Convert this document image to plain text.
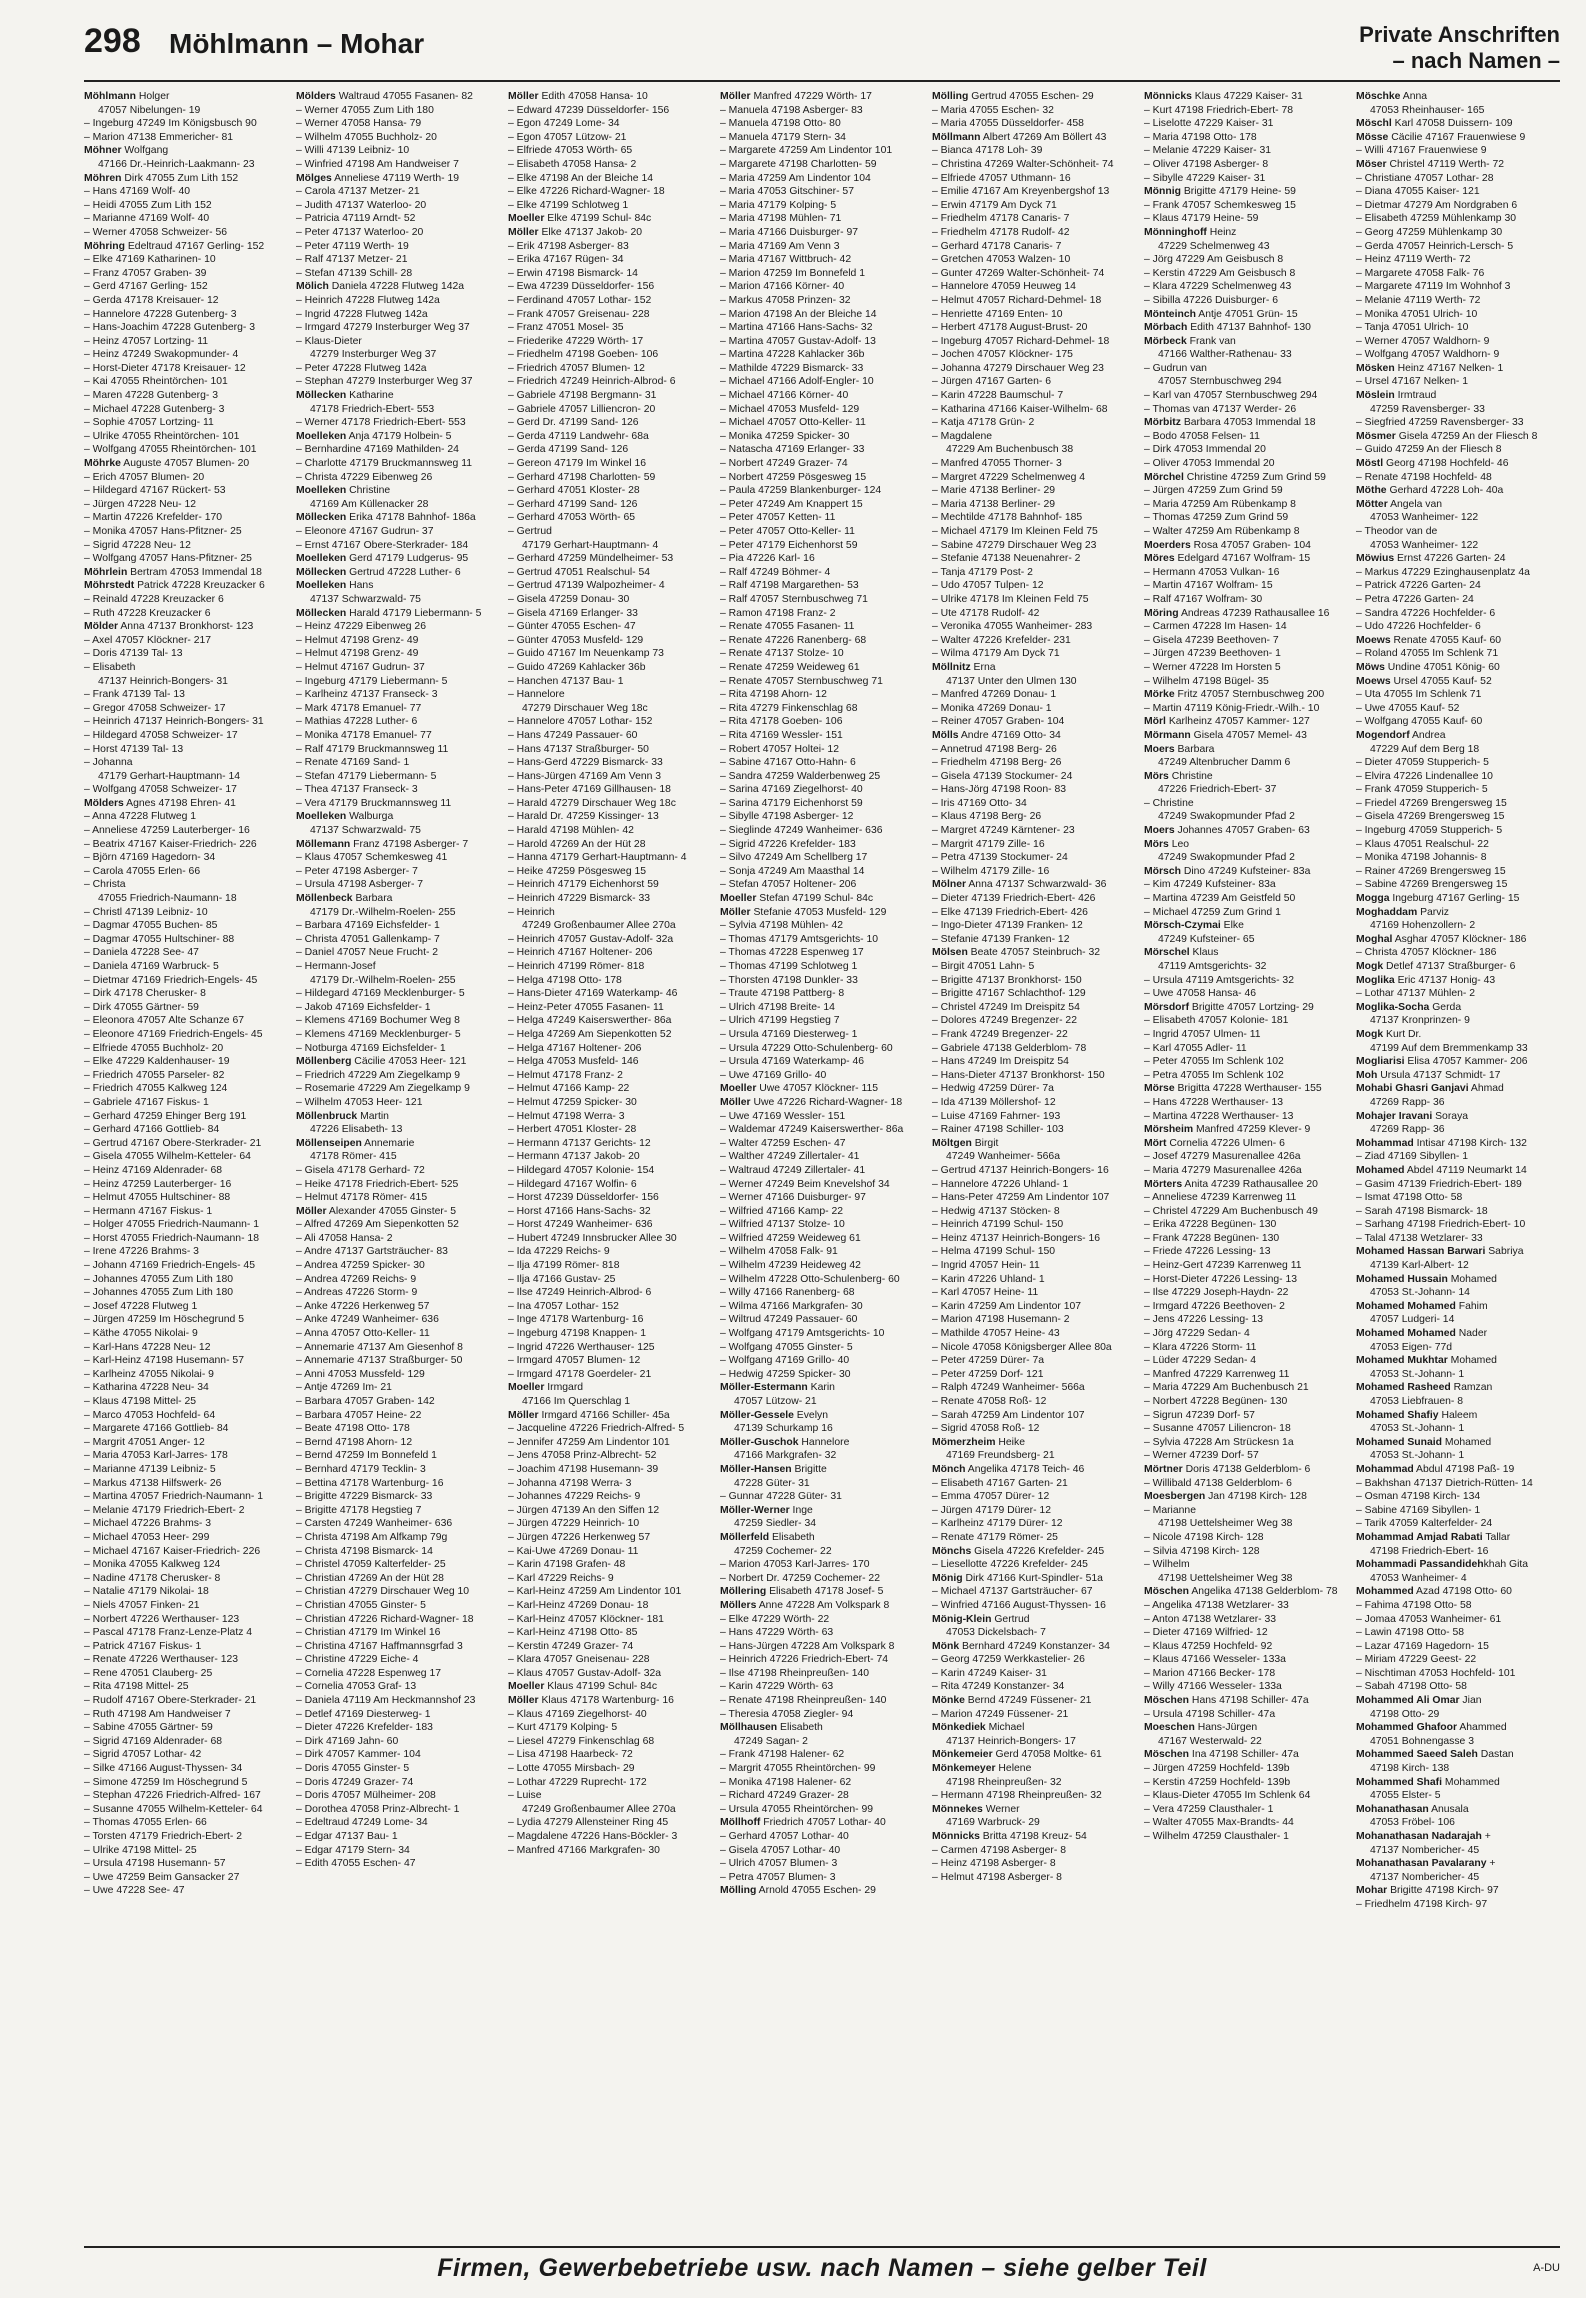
298 Möhlmann – Mohar	Private Anschriften
– nach Namen –
Möhlmann Holger
47057 Nibelungen- 19
– Ingeburg 47249 Im Königsbusch 90
– Marion 47138 Emmericher- 81
Möhner Wolfgang
47166 Dr.-Heinrich-Laakmann- 23
Möhren Dirk 47055 Zum Lith 152
– Hans 47169 Wolf- 40
– Heidi 47055 Zum Lith 152
– Marianne 47169 Wolf- 40
– Werner 47058 Schweizer- 56
Möhring Edeltraud 47167 Gerling- 152
– Elke 47169 Katharinen- 10
– Franz 47057 Graben- 39
– Gerd 47167 Gerling- 152
– Gerda 47178 Kreisauer- 12
– Hannelore 47228 Gutenberg- 3
– Hans-Joachim 47228 Gutenberg- 3
– Heinz 47057 Lortzing- 11
– Heinz 47249 Swakopmunder- 4
– Horst-Dieter 47178 Kreisauer- 12
– Kai 47055 Rheintörchen- 101
– Maren 47228 Gutenberg- 3
– Michael 47228 Gutenberg- 3
– Sophie 47057 Lortzing- 11
– Ulrike 47055 Rheintörchen- 101
– Wolfgang 47055 Rheintörchen- 101
Möhrke Auguste 47057 Blumen- 20
– Erich 47057 Blumen- 20
– Hildegard 47167 Rückert- 53
– Jürgen 47228 Neu- 12
– Martin 47226 Krefelder- 170
– Monika 47057 Hans-Pfitzner- 25
– Sigrid 47228 Neu- 12
– Wolfgang 47057 Hans-Pfitzner- 25
Möhrlein Bertram 47053 Immendal 18
Möhrstedt Patrick 47228 Kreuzacker 6
– Reinald 47228 Kreuzacker 6
– Ruth 47228 Kreuzacker 6
Mölder Anna 47137 Bronkhorst- 123
– Axel 47057 Klöckner- 217
– Doris 47139 Tal- 13
– Elisabeth
47137 Heinrich-Bongers- 31
– Frank 47139 Tal- 13
– Gregor 47058 Schweizer- 17
– Heinrich 47137 Heinrich-Bongers- 31
– Hildegard 47058 Schweizer- 17
– Horst 47139 Tal- 13
– Johanna
47179 Gerhart-Hauptmann- 14
– Wolfgang 47058 Schweizer- 17
Mölders Agnes 47198 Ehren- 41
– Anna 47228 Flutweg 1
– Anneliese 47259 Lauterberger- 16
– Beatrix 47167 Kaiser-Friedrich- 226
– Björn 47169 Hagedorn- 34
– Carola 47055 Erlen- 66
– Christa
47055 Friedrich-Naumann- 18
– Christl 47139 Leibniz- 10
– Dagmar 47055 Buchen- 85
– Dagmar 47055 Hultschiner- 88
– Daniela 47228 See- 47
– Daniela 47169 Warbruck- 5
– Dietmar 47169 Friedrich-Engels- 45
– Dirk 47178 Cherusker- 8
– Dirk 47055 Gärtner- 59
– Eleonora 47057 Alte Schanze 67
– Eleonore 47169 Friedrich-Engels- 45
– Elfriede 47055 Buchholz- 20
– Elke 47229 Kaldenhauser- 19
– Friedrich 47055 Parseler- 82
– Friedrich 47055 Kalkweg 124
– Gabriele 47167 Fiskus- 1
– Gerhard 47259 Ehinger Berg 191
– Gerhard 47166 Gottlieb- 84
– Gertrud 47167 Obere-Sterkrader- 21
– Gisela 47055 Wilhelm-Ketteler- 64
– Heinz 47169 Aldenrader- 68
– Heinz 47259 Lauterberger- 16
– Helmut 47055 Hultschiner- 88
– Hermann 47167 Fiskus- 1
– Holger 47055 Friedrich-Naumann- 1
– Horst 47055 Friedrich-Naumann- 18
– Irene 47226 Brahms- 3
– Johann 47169 Friedrich-Engels- 45
– Johannes 47055 Zum Lith 180
– Johannes 47055 Zum Lith 180
– Josef 47228 Flutweg 1
– Jürgen 47259 Im Höschegrund 5
– Käthe 47055 Nikolai- 9
– Karl-Hans 47228 Neu- 12
– Karl-Heinz 47198 Husemann- 57
– Karlheinz 47055 Nikolai- 9
– Katharina 47228 Neu- 34
– Klaus 47198 Mittel- 25
– Marco 47053 Hochfeld- 64
– Margarete 47166 Gottlieb- 84
– Margrit 47051 Anger- 12
– Maria 47053 Karl-Jarres- 178
– Marianne 47139 Leibniz- 5
– Markus 47138 Hilfswerk- 26
– Martina 47057 Friedrich-Naumann- 1
– Melanie 47179 Friedrich-Ebert- 2
– Michael 47226 Brahms- 3
– Michael 47053 Heer- 299
– Michael 47167 Kaiser-Friedrich- 226
– Monika 47055 Kalkweg 124
– Nadine 47178 Cherusker- 8
– Natalie 47179 Nikolai- 18
– Niels 47057 Finken- 21
– Norbert 47226 Werthauser- 123
– Pascal 47178 Franz-Lenze-Platz 4
– Patrick 47167 Fiskus- 1
– Renate 47226 Werthauser- 123
– Rene 47051 Clauberg- 25
– Rita 47198 Mittel- 25
– Rudolf 47167 Obere-Sterkrader- 21
– Ruth 47198 Am Handweiser 7
– Sabine 47055 Gärtner- 59
– Sigrid 47169 Aldenrader- 68
– Sigrid 47057 Lothar- 42
– Silke 47166 August-Thyssen- 34
– Simone 47259 Im Höschegrund 5
– Stephan 47226 Friedrich-Alfred- 167
– Susanne 47055 Wilhelm-Ketteler- 64
– Thomas 47055 Erlen- 66
– Torsten 47179 Friedrich-Ebert- 2
– Ulrike 47198 Mittel- 25
– Ursula 47198 Husemann- 57
– Uwe 47259 Beim Gansacker 27
– Uwe 47228 See- 47
Mölders Waltraud 47055 Fasanen- 82
– Werner 47055 Zum Lith 180
– Werner 47058 Hansa- 79
– Wilhelm 47055 Buchholz- 20
– Willi 47139 Leibniz- 10
– Winfried 47198 Am Handweiser 7
Mölges Anneliese 47119 Werth- 19
– Carola 47137 Metzer- 21
– Judith 47137 Waterloo- 20
– Patricia 47119 Arndt- 52
– Peter 47137 Waterloo- 20
– Peter 47119 Werth- 19
– Ralf 47137 Metzer- 21
– Stefan 47139 Schill- 28
Mölich Daniela 47228 Flutweg 142a
– Heinrich 47228 Flutweg 142a
– Ingrid 47228 Flutweg 142a
– Irmgard 47279 Insterburger Weg 37
– Klaus-Dieter
47279 Insterburger Weg 37
– Peter 47228 Flutweg 142a
– Stephan 47279 Insterburger Weg 37
Möllecken Katharine
47178 Friedrich-Ebert- 553
– Werner 47178 Friedrich-Ebert- 553
Moelleken Anja 47179 Holbein- 5
– Bernhardine 47169 Mathilden- 24
– Charlotte 47179 Bruckmannsweg 11
– Christa 47229 Eibenweg 26
Moelleken Christine
47169 Am Küllenacker 28
Möllecken Erika 47178 Bahnhof- 186a
– Eleonore 47167 Gudrun- 37
– Ernst 47167 Obere-Sterkrader- 184
Moelleken Gerd 47179 Ludgerus- 95
Möllecken Gertrud 47228 Luther- 6
Moelleken Hans
47137 Schwarzwald- 75
Möllecken Harald 47179 Liebermann- 5
– Heinz 47229 Eibenweg 26
– Helmut 47198 Grenz- 49
– Helmut 47198 Grenz- 49
– Helmut 47167 Gudrun- 37
– Ingeburg 47179 Liebermann- 5
– Karlheinz 47137 Franseck- 3
– Mark 47178 Emanuel- 77
– Mathias 47228 Luther- 6
– Monika 47178 Emanuel- 77
– Ralf 47179 Bruckmannsweg 11
– Renate 47169 Sand- 1
– Stefan 47179 Liebermann- 5
– Thea 47137 Franseck- 3
– Vera 47179 Bruckmannsweg 11
Moelleken Walburga
47137 Schwarzwald- 75
Möllemann Franz 47198 Asberger- 7
– Klaus 47057 Schemkesweg 41
– Peter 47198 Asberger- 7
– Ursula 47198 Asberger- 7
Möllenbeck Barbara
47179 Dr.-Wilhelm-Roelen- 255
– Barbara 47169 Eichsfelder- 1
– Christa 47051 Gallenkamp- 7
– Daniel 47057 Neue Frucht- 2
– Hermann-Josef
47179 Dr.-Wilhelm-Roelen- 255
– Hildegard 47169 Mecklenburger- 5
– Jakob 47169 Eichsfelder- 1
– Klemens 47169 Bochumer Weg 8
– Klemens 47169 Mecklenburger- 5
– Notburga 47169 Eichsfelder- 1
Möllenberg Cäcilie 47053 Heer- 121
– Friedrich 47229 Am Ziegelkamp 9
– Rosemarie 47229 Am Ziegelkamp 9
– Wilhelm 47053 Heer- 121
Möllenbruck Martin
47226 Elisabeth- 13
Möllenseipen Annemarie
47178 Römer- 415
– Gisela 47178 Gerhard- 72
– Heike 47178 Friedrich-Ebert- 525
– Helmut 47178 Römer- 415
Möller Alexander 47055 Ginster- 5
– Alfred 47269 Am Siepenkotten 52
– Ali 47058 Hansa- 2
– Andre 47137 Gartsträucher- 83
– Andrea 47259 Spicker- 30
– Andrea 47269 Reichs- 9
– Andreas 47226 Storm- 9
– Anke 47226 Herkenweg 57
– Anke 47249 Wanheimer- 636
– Anna 47057 Otto-Keller- 11
– Annemarie 47137 Am Giesenhof 8
– Annemarie 47137 Straßburger- 50
– Anni 47053 Mussfeld- 129
– Antje 47269 Im- 21
– Barbara 47057 Graben- 142
– Barbara 47057 Heine- 22
– Beate 47198 Otto- 178
– Bernd 47198 Ahorn- 12
– Bernd 47259 Im Bonnefeld 1
– Bernhard 47179 Tecklin- 3
– Bettina 47178 Wartenburg- 16
– Brigitte 47229 Bismarck- 33
– Brigitte 47178 Hegstieg 7
– Carsten 47249 Wanheimer- 636
– Christa 47198 Am Alfkamp 79g
– Christa 47198 Bismarck- 14
– Christel 47059 Kalterfelder- 25
– Christian 47269 An der Hüt 28
– Christian 47279 Dirschauer Weg 10
– Christian 47055 Ginster- 5
– Christian 47226 Richard-Wagner- 18
– Christian 47179 Im Winkel 16
– Christina 47167 Haffmannsgrfad 3
– Christine 47229 Eiche- 4
– Cornelia 47228 Espenweg 17
– Cornelia 47053 Graf- 13
– Daniela 47119 Am Heckmannshof 23
– Detlef 47169 Diesterweg- 1
– Dieter 47226 Krefelder- 183
– Dirk 47169 Jahn- 60
– Dirk 47057 Kammer- 104
– Doris 47055 Ginster- 5
– Doris 47249 Grazer- 74
– Doris 47057 Mülheimer- 208
– Dorothea 47058 Prinz-Albrecht- 1
– Edeltraud 47249 Lome- 34
– Edgar 47137 Bau- 1
– Edgar 47179 Stern- 34
– Edith 47055 Eschen- 47
Möller Edith 47058 Hansa- 10
– Edward 47239 Düsseldorfer- 156
– Egon 47249 Lome- 34
– Egon 47057 Lützow- 21
– Elfriede 47053 Wörth- 65
– Elisabeth 47058 Hansa- 2
– Elke 47198 An der Bleiche 14
– Elke 47226 Richard-Wagner- 18
– Elke 47199 Schlotweg 1
Moeller Elke 47199 Schul- 84c
Möller Elke 47137 Jakob- 20
– Erik 47198 Asberger- 83
– Erika 47167 Rügen- 34
– Erwin 47198 Bismarck- 14
– Ewa 47239 Düsseldorfer- 156
– Ferdinand 47057 Lothar- 152
– Frank 47057 Greisenau- 228
– Franz 47051 Mosel- 35
– Friederike 47229 Wörth- 17
– Friedhelm 47198 Goeben- 106
– Friedrich 47057 Blumen- 12
– Friedrich 47249 Heinrich-Albrod- 6
– Gabriele 47198 Bergmann- 31
– Gabriele 47057 Lilliencron- 20
– Gerd Dr. 47199 Sand- 126
– Gerda 47119 Landwehr- 68a
– Gerda 47199 Sand- 126
– Gereon 47179 Im Winkel 16
– Gerhard 47198 Charlotten- 59
– Gerhard 47051 Kloster- 28
– Gerhard 47199 Sand- 126
– Gerhard 47053 Wörth- 65
– Gertrud
47179 Gerhart-Hauptmann- 4
– Gerhard 47259 Mündelheimer- 53
– Gertrud 47051 Realschul- 54
– Gertrud 47139 Walpozheimer- 4
– Gisela 47259 Donau- 30
– Gisela 47169 Erlanger- 33
– Günter 47055 Eschen- 47
– Günter 47053 Musfeld- 129
– Guido 47167 Im Neuenkamp 73
– Guido 47269 Kahlacker 36b
– Hanchen 47137 Bau- 1
– Hannelore
47279 Dirschauer Weg 18c
– Hannelore 47057 Lothar- 152
– Hans 47249 Passauer- 60
– Hans 47137 Straßburger- 50
– Hans-Gerd 47229 Bismarck- 33
– Hans-Jürgen 47169 Am Venn 3
– Hans-Peter 47169 Gillhausen- 18
– Harald 47279 Dirschauer Weg 18c
– Harald Dr. 47259 Kissinger- 13
– Harald 47198 Mühlen- 42
– Harold 47269 An der Hüt 28
– Hanna 47179 Gerhart-Hauptmann- 4
– Heike 47259 Pösgesweg 15
– Heinrich 47179 Eichenhorst 59
– Heinrich 47229 Bismarck- 33
– Heinrich
47249 Großenbaumer Allee 270a
– Heinrich 47057 Gustav-Adolf- 32a
– Heinrich 47167 Holtener- 206
– Heinrich 47199 Römer- 818
– Helga 47198 Otto- 178
– Hans-Dieter 47169 Waterkamp- 46
– Heinz-Peter 47055 Fasanen- 11
– Helga 47249 Kaiserswerther- 86a
– Helga 47269 Am Siepenkotten 52
– Helga 47167 Holtener- 206
– Helga 47053 Musfeld- 146
– Helmut 47178 Franz- 2
– Helmut 47166 Kamp- 22
– Helmut 47259 Spicker- 30
– Helmut 47198 Werra- 3
– Herbert 47051 Kloster- 28
– Hermann 47137 Gerichts- 12
– Hermann 47137 Jakob- 20
– Hildegard 47057 Kolonie- 154
– Hildegard 47167 Wolfin- 6
– Horst 47239 Düsseldorfer- 156
– Horst 47166 Hans-Sachs- 32
– Horst 47249 Wanheimer- 636
– Hubert 47249 Innsbrucker Allee 30
– Ida 47229 Reichs- 9
– Ilja 47199 Römer- 818
– Ilja 47166 Gustav- 25
– Ilse 47249 Heinrich-Albrod- 6
– Ina 47057 Lothar- 152
– Inge 47178 Wartenburg- 16
– Ingeburg 47198 Knappen- 1
– Ingrid 47226 Werthauser- 125
– Irmgard 47057 Blumen- 12
– Irmgard 47178 Goerdeler- 21
Moeller Irmgard
47166 Im Querschlag 1
Möller Irmgard 47166 Schiller- 45a
– Jacqueline 47226 Friedrich-Alfred- 5
– Jennifer 47259 Am Lindentor 101
– Jens 47058 Prinz-Albrecht- 52
– Joachim 47198 Husemann- 39
– Johanna 47198 Werra- 3
– Johannes 47229 Reichs- 9
– Jürgen 47139 An den Siffen 12
– Jürgen 47229 Heinrich- 10
– Jürgen 47226 Herkenweg 57
– Kai-Uwe 47269 Donau- 11
– Karin 47198 Grafen- 48
– Karl 47229 Reichs- 9
– Karl-Heinz 47259 Am Lindentor 101
– Karl-Heinz 47269 Donau- 18
– Karl-Heinz 47057 Klöckner- 181
– Karl-Heinz 47198 Otto- 85
– Kerstin 47249 Grazer- 74
– Klara 47057 Gneisenau- 228
– Klaus 47057 Gustav-Adolf- 32a
Moeller Klaus 47199 Schul- 84c
Möller Klaus 47178 Wartenburg- 16
– Klaus 47169 Ziegelhorst- 40
– Kurt 47179 Kolping- 5
– Liesel 47279 Finkenschlag 68
– Lisa 47198 Haarbeck- 72
– Lotte 47055 Mirsbach- 29
– Lothar 47229 Ruprecht- 172
– Luise
47249 Großenbaumer Allee 270a
– Lydia 47279 Allensteiner Ring 45
– Magdalene 47226 Hans-Böckler- 3
– Manfred 47166 Markgrafen- 30
Möller Manfred 47229 Wörth- 17
– Manuela 47198 Asberger- 83
– Manuela 47198 Otto- 80
– Manuela 47179 Stern- 34
– Margarete 47259 Am Lindentor 101
– Margarete 47198 Charlotten- 59
– Maria 47259 Am Lindentor 104
– Maria 47053 Gitschiner- 57
– Maria 47179 Kolping- 5
– Maria 47198 Mühlen- 71
– Maria 47166 Duisburger- 97
– Maria 47169 Am Venn 3
– Maria 47167 Wittbruch- 42
– Marion 47259 Im Bonnefeld 1
– Marion 47166 Körner- 40
– Markus 47058 Prinzen- 32
– Marion 47198 An der Bleiche 14
– Martina 47166 Hans-Sachs- 32
– Martina 47057 Gustav-Adolf- 13
– Martina 47228 Kahlacker 36b
– Mathilde 47229 Bismarck- 33
– Michael 47166 Adolf-Engler- 10
– Michael 47166 Körner- 40
– Michael 47053 Musfeld- 129
– Michael 47057 Otto-Keller- 11
– Monika 47259 Spicker- 30
– Natascha 47169 Erlanger- 33
– Norbert 47249 Grazer- 74
– Norbert 47259 Pösgesweg 15
– Paula 47259 Blankenburger- 124
– Peter 47249 Am Knappert 15
– Peter 47057 Ketten- 11
– Peter 47057 Otto-Keller- 11
– Peter 47179 Eichenhorst 59
– Pia 47226 Karl- 16
– Ralf 47249 Böhmer- 4
– Ralf 47198 Margarethen- 53
– Ralf 47057 Sternbuschweg 71
– Ramon 47198 Franz- 2
– Renate 47055 Fasanen- 11
– Renate 47226 Ranenberg- 68
– Renate 47137 Stolze- 10
– Renate 47259 Weideweg 61
– Renate 47057 Sternbuschweg 71
– Rita 47198 Ahorn- 12
– Rita 47279 Finkenschlag 68
– Rita 47178 Goeben- 106
– Rita 47169 Wessler- 151
– Robert 47057 Holtei- 12
– Sabine 47167 Otto-Hahn- 6
– Sandra 47259 Walderbenweg 25
– Sarina 47169 Ziegelhorst- 40
– Sarina 47179 Eichenhorst 59
– Sibylle 47198 Asberger- 12
– Sieglinde 47249 Wanheimer- 636
– Sigrid 47226 Krefelder- 183
– Silvo 47249 Am Schellberg 17
– Sonja 47249 Am Maasthal 14
– Stefan 47057 Holtener- 206
Moeller Stefan 47199 Schul- 84c
Möller Stefanie 47053 Musfeld- 129
– Sylvia 47198 Mühlen- 42
– Thomas 47179 Amtsgerichts- 10
– Thomas 47228 Espenweg 17
– Thomas 47199 Schlotweg 1
– Thorsten 47198 Dunkler- 33
– Traute 47198 Pattberg- 8
– Ulrich 47198 Breite- 14
– Ulrich 47199 Hegstieg 7
– Ursula 47169 Diesterweg- 1
– Ursula 47229 Otto-Schulenberg- 60
– Ursula 47169 Waterkamp- 46
– Uwe 47169 Grillo- 40
Moeller Uwe 47057 Klöckner- 115
Möller Uwe 47226 Richard-Wagner- 18
– Uwe 47169 Wessler- 151
– Waldemar 47249 Kaiserswerther- 86a
– Walter 47259 Eschen- 47
– Walther 47249 Zillertaler- 41
– Waltraud 47249 Zillertaler- 41
– Werner 47249 Beim Knevelshof 34
– Werner 47166 Duisburger- 97
– Wilfried 47166 Kamp- 22
– Wilfried 47137 Stolze- 10
– Wilfried 47259 Weideweg 61
– Wilhelm 47058 Falk- 91
– Wilhelm 47239 Heideweg 42
– Wilhelm 47228 Otto-Schulenberg- 60
– Willy 47166 Ranenberg- 68
– Wilma 47166 Markgrafen- 30
– Wiltrud 47249 Passauer- 60
– Wolfgang 47179 Amtsgerichts- 10
– Wolfgang 47055 Ginster- 5
– Wolfgang 47169 Grillo- 40
– Hedwig 47259 Spicker- 30
Möller-Estermann Karin
47057 Lützow- 21
Möller-Gessele Evelyn
47139 Schurkamp 16
Möller-Guschok Hannelore
47166 Markgrafen- 32
Möller-Hansen Brigitte
47228 Güter- 31
– Gunnar 47228 Güter- 31
Möller-Werner Inge
47259 Siedler- 34
Möllerfeld Elisabeth
47259 Cochemer- 22
– Marion 47053 Karl-Jarres- 170
– Norbert Dr. 47259 Cochemer- 22
Möllering Elisabeth 47178 Josef- 5
Möllers Anne 47228 Am Volkspark 8
– Elke 47229 Wörth- 22
– Hans 47229 Wörth- 63
– Hans-Jürgen 47228 Am Volkspark 8
– Heinrich 47226 Friedrich-Ebert- 74
– Ilse 47198 Rheinpreußen- 140
– Karin 47229 Wörth- 63
– Renate 47198 Rheinpreußen- 140
– Theresia 47058 Ziegler- 94
Möllhausen Elisabeth
47249 Sagan- 2
– Frank 47198 Halener- 62
– Margrit 47055 Rheintörchen- 99
– Monika 47198 Halener- 62
– Richard 47249 Grazer- 28
– Ursula 47055 Rheintörchen- 99
Möllhoff Friedrich 47057 Lothar- 40
– Gerhard 47057 Lothar- 40
– Gisela 47057 Lothar- 40
– Ulrich 47057 Blumen- 3
– Petra 47057 Blumen- 3
Mölling Arnold 47055 Eschen- 29
Mölling Gertrud 47055 Eschen- 29
– Maria 47055 Eschen- 32
– Maria 47055 Düsseldorfer- 458
Möllmann Albert 47269 Am Böllert 43
– Bianca 47178 Loh- 39
– Christina 47269 Walter-Schönheit- 74
– Elfriede 47057 Uthmann- 16
– Emilie 47167 Am Kreyenbergshof 13
– Erwin 47179 Am Dyck 71
– Friedhelm 47178 Canaris- 7
– Friedhelm 47178 Rudolf- 42
– Gerhard 47178 Canaris- 7
– Gretchen 47053 Walzen- 10
– Gunter 47269 Walter-Schönheit- 74
– Hannelore 47059 Heuweg 14
– Helmut 47057 Richard-Dehmel- 18
– Henriette 47169 Enten- 10
– Herbert 47178 August-Brust- 20
– Ingeburg 47057 Richard-Dehmel- 18
– Jochen 47057 Klöckner- 175
– Johanna 47279 Dirschauer Weg 23
– Jürgen 47167 Garten- 6
– Karin 47228 Baumschul- 7
– Katharina 47166 Kaiser-Wilhelm- 68
– Katja 47178 Grün- 2
– Magdalene
47229 Am Buchenbusch 38
– Manfred 47055 Thorner- 3
– Margret 47229 Schelmenweg 4
– Marie 47138 Berliner- 29
– Maria 47138 Berliner- 29
– Mechtilde 47178 Bahnhof- 185
– Michael 47179 Im Kleinen Feld 75
– Sabine 47279 Dirschauer Weg 23
– Stefanie 47138 Neuenahrer- 2
– Tanja 47179 Post- 2
– Udo 47057 Tulpen- 12
– Ulrike 47178 Im Kleinen Feld 75
– Ute 47178 Rudolf- 42
– Veronika 47055 Wanheimer- 283
– Walter 47226 Krefelder- 231
– Wilma 47179 Am Dyck 71
Möllnitz Erna
47137 Unter den Ulmen 130
– Manfred 47269 Donau- 1
– Monika 47269 Donau- 1
– Reiner 47057 Graben- 104
Mölls Andre 47169 Otto- 34
– Annetrud 47198 Berg- 26
– Friedhelm 47198 Berg- 26
– Gisela 47139 Stockumer- 24
– Hans-Jörg 47198 Roon- 83
– Iris 47169 Otto- 34
– Klaus 47198 Berg- 26
– Margret 47249 Kärntener- 23
– Margrit 47179 Zille- 16
– Petra 47139 Stockumer- 24
– Wilhelm 47179 Zille- 16
Mölner Anna 47137 Schwarzwald- 36
– Dieter 47139 Friedrich-Ebert- 426
– Elke 47139 Friedrich-Ebert- 426
– Ingo-Dieter 47139 Franken- 12
– Stefanie 47139 Franken- 12
Mölsen Beate 47057 Steinbruch- 32
– Birgit 47051 Lahn- 5
– Brigitte 47137 Bronkhorst- 150
– Brigitte 47167 Schlachthof- 129
– Christel 47249 Im Dreispitz 54
– Dolores 47249 Bregenzer- 22
– Frank 47249 Bregenzer- 22
– Gabriele 47138 Gelderblom- 78
– Hans 47249 Im Dreispitz 54
– Hans-Dieter 47137 Bronkhorst- 150
– Hedwig 47259 Dürer- 7a
– Ida 47139 Möllershof- 12
– Luise 47169 Fahrner- 193
– Rainer 47198 Schiller- 103
Möltgen Birgit
47249 Wanheimer- 566a
– Gertrud 47137 Heinrich-Bongers- 16
– Hannelore 47226 Uhland- 1
– Hans-Peter 47259 Am Lindentor 107
– Hedwig 47137 Stöcken- 8
– Heinrich 47199 Schul- 150
– Heinz 47137 Heinrich-Bongers- 16
– Helma 47199 Schul- 150
– Ingrid 47057 Hein- 11
– Karin 47226 Uhland- 1
– Karl 47057 Heine- 11
– Karin 47259 Am Lindentor 107
– Marion 47198 Husemann- 2
– Mathilde 47057 Heine- 43
– Nicole 47058 Königsberger Allee 80a
– Peter 47259 Dürer- 7a
– Peter 47259 Dorf- 121
– Ralph 47249 Wanheimer- 566a
– Renate 47058 Roß- 12
– Sarah 47259 Am Lindentor 107
– Sigrid 47058 Roß- 12
Mömerzheim Heike
47169 Freundsberg- 21
Mönch Angelika 47178 Teich- 46
– Elisabeth 47167 Garten- 21
– Emma 47057 Dürer- 12
– Jürgen 47179 Dürer- 12
– Karlheinz 47179 Dürer- 12
– Renate 47179 Römer- 25
Mönchs Gisela 47226 Krefelder- 245
– Liesellotte 47226 Krefelder- 245
Mönig Dirk 47166 Kurt-Spindler- 51a
– Michael 47137 Gartsträucher- 67
– Winfried 47166 August-Thyssen- 16
Mönig-Klein Gertrud
47053 Dickelsbach- 7
Mönk Bernhard 47249 Konstanzer- 34
– Georg 47259 Werkkastelier- 26
– Karin 47249 Kaiser- 31
– Rita 47249 Konstanzer- 34
Mönke Bernd 47249 Füssener- 21
– Marion 47249 Füssener- 21
Mönkediek Michael
47137 Heinrich-Bongers- 17
Mönkemeier Gerd 47058 Moltke- 61
Mönkemeyer Helene
47198 Rheinpreußen- 32
– Hermann 47198 Rheinpreußen- 32
Mönnekes Werner
47169 Warbruck- 29
Mönnicks Britta 47198 Kreuz- 54
– Carmen 47198 Asberger- 8
– Heinz 47198 Asberger- 8
– Helmut 47198 Asberger- 8
Mönnicks Klaus 47229 Kaiser- 31
– Kurt 47198 Friedrich-Ebert- 78
– Liselotte 47229 Kaiser- 31
– Maria 47198 Otto- 178
– Melanie 47229 Kaiser- 31
– Oliver 47198 Asberger- 8
– Sibylle 47229 Kaiser- 31
Mönnig Brigitte 47179 Heine- 59
– Frank 47057 Schemkesweg 15
– Klaus 47179 Heine- 59
Mönninghoff Heinz
47229 Schelmenweg 43
– Jörg 47229 Am Geisbusch 8
– Kerstin 47229 Am Geisbusch 8
– Klara 47229 Schelmenweg 43
– Sibilla 47226 Duisburger- 6
Mönteinch Antje 47051 Grün- 15
Mörbach Edith 47137 Bahnhof- 130
Mörbeck Frank van
47166 Walther-Rathenau- 33
– Gudrun van
47057 Sternbuschweg 294
– Karl van 47057 Sternbuschweg 294
– Thomas van 47137 Werder- 26
Mörbitz Barbara 47053 Immendal 18
– Bodo 47058 Felsen- 11
– Dirk 47053 Immendal 20
– Oliver 47053 Immendal 20
Mörchel Christine 47259 Zum Grind 59
– Jürgen 47259 Zum Grind 59
– Maria 47259 Am Rübenkamp 8
– Thomas 47259 Zum Grind 59
– Walter 47259 Am Rübenkamp 8
Moerders Rosa 47057 Graben- 104
Möres Edelgard 47167 Wolfram- 15
– Hermann 47053 Vulkan- 16
– Martin 47167 Wolfram- 15
– Ralf 47167 Wolfram- 30
Möring Andreas 47239 Rathausallee 16
– Carmen 47228 Im Hasen- 14
– Gisela 47239 Beethoven- 7
– Jürgen 47239 Beethoven- 1
– Werner 47228 Im Horsten 5
– Wilhelm 47198 Bügel- 35
Mörke Fritz 47057 Sternbuschweg 200
– Martin 47119 König-Friedr.-Wilh.- 10
Mörl Karlheinz 47057 Kammer- 127
Mörmann Gisela 47057 Memel- 43
Moers Barbara
47249 Altenbrucher Damm 6
Mörs Christine
47226 Friedrich-Ebert- 37
– Christine
47249 Swakopmunder Pfad 2
Moers Johannes 47057 Graben- 63
Mörs Leo
47249 Swakopmunder Pfad 2
Mörsch Dino 47249 Kufsteiner- 83a
– Kim 47249 Kufsteiner- 83a
– Martina 47239 Am Geistfeld 50
– Michael 47259 Zum Grind 1
Mörsch-Czymai Elke
47249 Kufsteiner- 65
Mörschel Klaus
47119 Amtsgerichts- 32
– Ursula 47119 Amtsgerichts- 32
– Uwe 47058 Hansa- 46
Mörsdorf Brigitte 47057 Lortzing- 29
– Elisabeth 47057 Kolonie- 181
– Ingrid 47057 Ulmen- 11
– Karl 47055 Adler- 11
– Peter 47055 Im Schlenk 102
– Petra 47055 Im Schlenk 102
Mörse Brigitta 47228 Werthauser- 155
– Hans 47228 Werthauser- 13
– Martina 47228 Werthauser- 13
Mörsheim Manfred 47259 Klever- 9
Mört Cornelia 47226 Ulmen- 6
– Josef 47279 Masurenallee 426a
– Maria 47279 Masurenallee 426a
Mörters Anita 47239 Rathausallee 20
– Anneliese 47239 Karrenweg 11
– Christel 47229 Am Buchenbusch 49
– Erika 47228 Begünen- 130
– Frank 47228 Begünen- 130
– Friede 47226 Lessing- 13
– Heinz-Gert 47239 Karrenweg 11
– Horst-Dieter 47226 Lessing- 13
– Ilse 47229 Joseph-Haydn- 22
– Irmgard 47226 Beethoven- 2
– Jens 47226 Lessing- 13
– Jörg 47229 Sedan- 4
– Klara 47226 Storm- 11
– Lüder 47229 Sedan- 4
– Manfred 47229 Karrenweg 11
– Maria 47229 Am Buchenbusch 21
– Norbert 47228 Begünen- 130
– Sigrun 47239 Dorf- 57
– Susanne 47057 Liliencron- 18
– Sylvia 47228 Am Strückesn 1a
– Werner 47239 Dorf- 57
Mörtner Doris 47138 Gelderblom- 6
– Willibald 47138 Gelderblom- 6
Moesbergen Jan 47198 Kirch- 128
– Marianne
47198 Uettelsheimer Weg 38
– Nicole 47198 Kirch- 128
– Silvia 47198 Kirch- 128
– Wilhelm
47198 Uettelsheimer Weg 38
Möschen Angelika 47138 Gelderblom- 78
– Angelika 47138 Wetzlarer- 33
– Anton 47138 Wetzlarer- 33
– Dieter 47169 Wilfried- 12
– Klaus 47259 Hochfeld- 92
– Klaus 47166 Wesseler- 133a
– Marion 47166 Becker- 178
– Willy 47166 Wesseler- 133a
Möschen Hans 47198 Schiller- 47a
– Ursula 47198 Schiller- 47a
Moeschen Hans-Jürgen
47167 Westerwald- 22
Möschen Ina 47198 Schiller- 47a
– Jürgen 47259 Hochfeld- 139b
– Kerstin 47259 Hochfeld- 139b
– Klaus-Dieter 47055 Im Schlenk 64
– Vera 47259 Clausthaler- 1
– Walter 47055 Max-Brandts- 44
– Wilhelm 47259 Clausthaler- 1
Möschke Anna
47053 Rheinhauser- 165
Möschl Karl 47058 Duissern- 109
Mösse Cäcilie 47167 Frauenwiese 9
– Willi 47167 Frauenwiese 9
Möser Christel 47119 Werth- 72
– Christiane 47057 Lothar- 28
– Diana 47055 Kaiser- 121
– Dietmar 47279 Am Nordgraben 6
– Elisabeth 47259 Mühlenkamp 30
– Georg 47259 Mühlenkamp 30
– Gerda 47057 Heinrich-Lersch- 5
– Heinz 47119 Werth- 72
– Margarete 47058 Falk- 76
– Margarete 47119 Im Wohnhof 3
– Melanie 47119 Werth- 72
– Monika 47051 Ulrich- 10
– Tanja 47051 Ulrich- 10
– Werner 47057 Waldhorn- 9
– Wolfgang 47057 Waldhorn- 9
Mösken Heinz 47167 Nelken- 1
– Ursel 47167 Nelken- 1
Möslein Irmtraud
47259 Ravensberger- 33
– Siegfried 47259 Ravensberger- 33
Mösmer Gisela 47259 An der Fliesch 8
– Guido 47259 An der Fliesch 8
Möstl Georg 47198 Hochfeld- 46
– Renate 47198 Hochfeld- 48
Möthe Gerhard 47228 Loh- 40a
Mötter Angela van
47053 Wanheimer- 122
– Theodor van de
47053 Wanheimer- 122
Möwius Ernst 47226 Garten- 24
– Markus 47229 Ezinghausenplatz 4a
– Patrick 47226 Garten- 24
– Petra 47226 Garten- 24
– Sandra 47226 Hochfelder- 6
– Udo 47226 Hochfelder- 6
Moews Renate 47055 Kauf- 60
– Roland 47055 Im Schlenk 71
Möws Undine 47051 König- 60
Moews Ursel 47055 Kauf- 52
– Uta 47055 Im Schlenk 71
– Uwe 47055 Kauf- 52
– Wolfgang 47055 Kauf- 60
Mogendorf Andrea
47229 Auf dem Berg 18
– Dieter 47059 Stupperich- 5
– Elvira 47226 Lindenallee 10
– Frank 47059 Stupperich- 5
– Friedel 47269 Brengersweg 15
– Gisela 47269 Brengersweg 15
– Ingeburg 47059 Stupperich- 5
– Klaus 47051 Realschul- 22
– Monika 47198 Johannis- 8
– Rainer 47269 Brengersweg 15
– Sabine 47269 Brengersweg 15
Mogga Ingeburg 47167 Gerling- 15
Moghaddam Parviz
47169 Hohenzollern- 2
Moghal Asghar 47057 Klöckner- 186
– Christa 47057 Klöckner- 186
Mogk Detlef 47137 Straßburger- 6
Moglika Eric 47137 Honig- 43
– Lothar 47137 Mühlen- 2
Moglika-Socha Gerda
47137 Kronprinzen- 9
Mogk Kurt Dr.
47199 Auf dem Bremmenkamp 33
Mogliarisi Elisa 47057 Kammer- 206
Moh Ursula 47137 Schmidt- 17
Mohabi Ghasri Ganjavi Ahmad
47269 Rapp- 36
Mohajer Iravani Soraya
47269 Rapp- 36
Mohammad Intisar 47198 Kirch- 132
– Ziad 47169 Sibyllen- 1
Mohamed Abdel 47119 Neumarkt 14
– Gasim 47139 Friedrich-Ebert- 189
– Ismat 47198 Otto- 58
– Sarah 47198 Bismarck- 18
– Sarhang 47198 Friedrich-Ebert- 10
– Talal 47138 Wetzlarer- 33
Mohamed Hassan Barwari Sabriya
47139 Karl-Albert- 12
Mohamed Hussain Mohamed
47053 St.-Johann- 14
Mohamed Mohamed Fahim
47057 Ludgeri- 14
Mohamed Mohamed Nader
47053 Eigen- 77d
Mohamed Mukhtar Mohamed
47053 St.-Johann- 1
Mohamed Rasheed Ramzan
47053 Liebfrauen- 8
Mohamed Shafiy Haleem
47053 St.-Johann- 1
Mohamed Sunaid Mohamed
47053 St.-Johann- 1
Mohammad Abdul 47198 Paß- 19
– Bakhshan 47137 Dietrich-Rütten- 14
– Osman 47198 Kirch- 134
– Sabine 47169 Sibyllen- 1
– Tarik 47059 Kalterfelder- 24
Mohammad Amjad Rabati Tallar
47198 Friedrich-Ebert- 16
Mohammadi Passandidehkhah Gita
47053 Wanheimer- 4
Mohammed Azad 47198 Otto- 60
– Fahima 47198 Otto- 58
– Jomaa 47053 Wanheimer- 61
– Lawin 47198 Otto- 58
– Lazar 47169 Hagedorn- 15
– Miriam 47229 Geest- 22
– Nischtiman 47053 Hochfeld- 101
– Sabah 47198 Otto- 58
Mohammed Ali Omar Jian
47198 Otto- 29
Mohammed Ghafoor Ahammed
47051 Bohnengasse 3
Mohammed Saeed Saleh Dastan
47198 Kirch- 138
Mohammed Shafi Mohammed
47055 Elster- 5
Mohanathasan Anusala
47053 Fröbel- 106
Mohanathasan Nadarajah +
47137 Nombericher- 45
Mohanathasan Pavalarany +
47137 Nombericher- 45
Mohar Brigitte 47198 Kirch- 97
– Friedhelm 47198 Kirch- 97
Firmen, Gewerbebetriebe usw. nach Namen – siehe gelber Teil	A-DU
